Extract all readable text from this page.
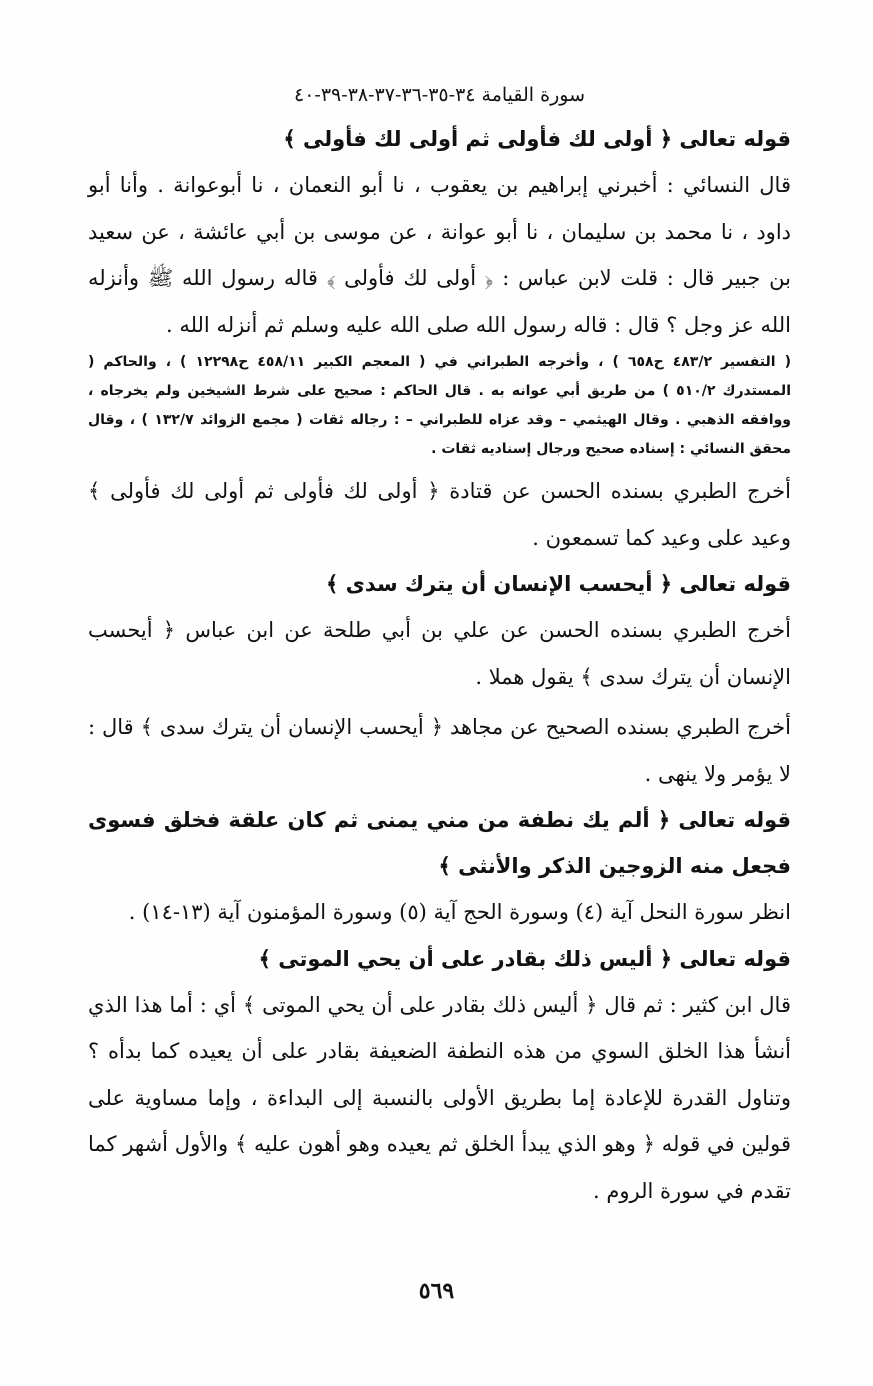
سورة القيامة ٣٤-٣٥-٣٦-٣٧-٣٨-٣٩-٤٠

قوله تعالى ﴿ أولى لك فأولى ثم أولى لك فأولى ﴾

قال النسائي : أخبرني إبراهيم بن يعقوب ، نا أبو النعمان ، نا أبوعوانة . وأنا أبو داود ، نا محمد بن سليمان ، نا أبو عوانة ، عن موسى بن أبي عائشة ، عن سعيد بن جبير قال : قلت لابن عباس : ﴿ أولى لك فأولى ﴾ قاله رسول الله ﷺ وأنزله الله عز وجل ؟ قال : قاله رسول الله صلى الله عليه وسلم ثم أنزله الله .

( التفسير ٤٨٣/٢ ح٦٥٨ ) ، وأخرجه الطبراني في ( المعجم الكبير ٤٥٨/١١ ح١٢٢٩٨ ) ، والحاكم ( المستدرك ٥١٠/٢ ) من طريق أبي عوانه به . قال الحاكم : صحيح على شرط الشيخين ولم يخرجاه ، ووافقه الذهبي . وقال الهيثمي – وقد عزاه للطبراني – : رجاله ثقات ( مجمع الزوائد ١٣٢/٧ ) ، وقال محقق النسائي : إسناده صحيح ورجال إسناديه ثقات .

أخرج الطبري بسنده الحسن عن قتادة ﴿ أولى لك فأولى ثم أولى لك فأولى ﴾ وعيد على وعيد كما تسمعون .

قوله تعالى ﴿ أيحسب الإنسان أن يترك سدى ﴾

أخرج الطبري بسنده الحسن عن علي بن أبي طلحة عن ابن عباس ﴿ أيحسب الإنسان أن يترك سدى ﴾ يقول هملا .

أخرج الطبري بسنده الصحيح عن مجاهد ﴿ أيحسب الإنسان أن يترك سدى ﴾ قال : لا يؤمر ولا ينهى .

قوله تعالى ﴿ ألم يك نطفة من مني يمنى ثم كان علقة فخلق فسوى فجعل منه الزوجين الذكر والأنثى ﴾

انظر سورة النحل آية (٤) وسورة الحج آية (٥) وسورة المؤمنون آية (١٣-١٤) .

قوله تعالى ﴿ أليس ذلك بقادر على أن يحي الموتى ﴾

قال ابن كثير : ثم قال ﴿ أليس ذلك بقادر على أن يحي الموتى ﴾ أي : أما هذا الذي أنشأ هذا الخلق السوي من هذه النطفة الضعيفة بقادر على أن يعيده كما بدأه ؟ وتناول القدرة للإعادة إما بطريق الأولى بالنسبة إلى البداءة ، وإما مساوية على قولين في قوله ﴿ وهو الذي يبدأ الخلق ثم يعيده وهو أهون عليه ﴾ والأول أشهر كما تقدم في سورة الروم .

٥٦٩
